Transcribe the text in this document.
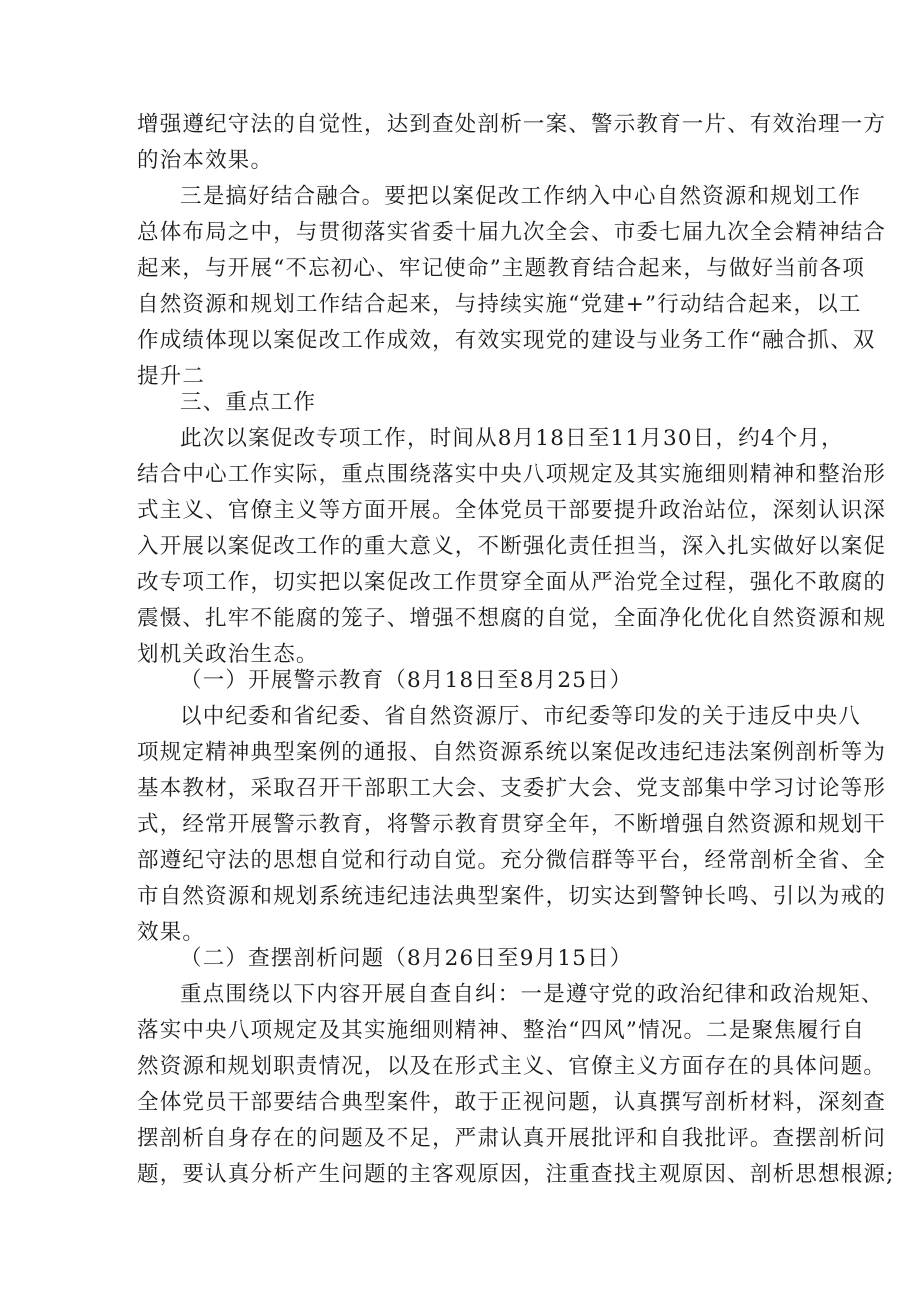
增强遵纪守法的自觉性，达到查处剖析一案、警示教育一片、有效治理一方
的治本效果。
三是搞好结合融合。要把以案促改工作纳入中心自然资源和规划工作
总体布局之中，与贯彻落实省委十届九次全会、市委七届九次全会精神结合
起来，与开展“不忘初心、牢记使命”主题教育结合起来，与做好当前各项
自然资源和规划工作结合起来，与持续实施“党建+”行动结合起来，以工
作成绩体现以案促改工作成效，有效实现党的建设与业务工作“融合抓、双
提升二
三、重点工作
此次以案促改专项工作，时间从8月18日至11月30日，约4个月，
结合中心工作实际，重点围绕落实中央八项规定及其实施细则精神和整治形
式主义、官僚主义等方面开展。全体党员干部要提升政治站位，深刻认识深
入开展以案促改工作的重大意义，不断强化责任担当，深入扎实做好以案促
改专项工作，切实把以案促改工作贯穿全面从严治党全过程，强化不敢腐的
震慑、扎牢不能腐的笼子、增强不想腐的自觉，全面净化优化自然资源和规
划机关政治生态。
（一）开展警示教育（8月18日至8月25日）
以中纪委和省纪委、省自然资源厅、市纪委等印发的关于违反中央八
项规定精神典型案例的通报、自然资源系统以案促改违纪违法案例剖析等为
基本教材，采取召开干部职工大会、支委扩大会、党支部集中学习讨论等形
式，经常开展警示教育，将警示教育贯穿全年，不断增强自然资源和规划干
部遵纪守法的思想自觉和行动自觉。充分微信群等平台，经常剖析全省、全
市自然资源和规划系统违纪违法典型案件，切实达到警钟长鸣、引以为戒的
效果。
（二）查摆剖析问题（8月26日至9月15日）
重点围绕以下内容开展自查自纠：一是遵守党的政治纪律和政治规矩、
落实中央八项规定及其实施细则精神、整治“四风”情况。二是聚焦履行自
然资源和规划职责情况，以及在形式主义、官僚主义方面存在的具体问题。
全体党员干部要结合典型案件，敢于正视问题，认真撰写剖析材料，深刻查
摆剖析自身存在的问题及不足，严肃认真开展批评和自我批评。查摆剖析问
题，要认真分析产生问题的主客观原因，注重查找主观原因、剖析思想根源;
